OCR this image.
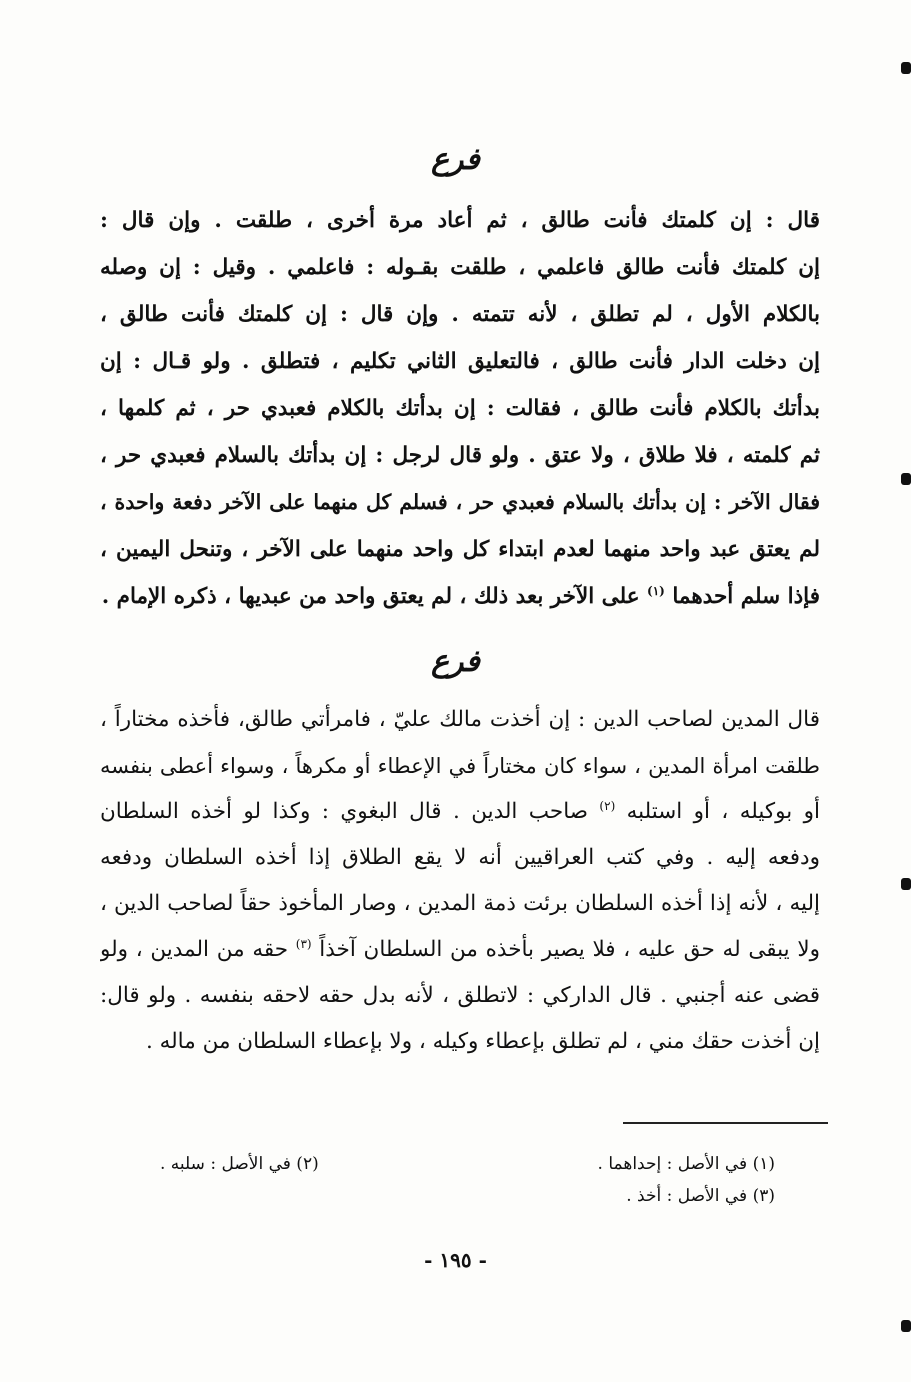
فرع
قال : إن كلمتك فأنت طالق ، ثم أعاد مرة أخرى ، طلقت . وإن قال :
إن كلمتك فأنت طالق فاعلمي ، طلقت بقـوله : فاعلمي . وقيل : إن وصله
بالكلام الأول ، لم تطلق ، لأنه تتمته . وإن قال : إن كلمتك فأنت طالق ،
إن دخلت الدار فأنت طالق ، فالتعليق الثاني تكليم ، فتطلق . ولو قـال : إن
بدأتك بالكلام فأنت طالق ، فقالت : إن بدأتك بالكلام فعبدي حر ، ثم كلمها ،
ثم كلمته ، فلا طلاق ، ولا عتق . ولو قال لرجل : إن بدأتك بالسلام فعبدي حر ،
فقال الآخر : إن بدأتك بالسلام فعبدي حر ، فسلم كل منهما على الآخر دفعة واحدة ،
لم يعتق عبد واحد منهما لعدم ابتداء كل واحد منهما على الآخر ، وتنحل اليمين ،
فإذا سلم أحدهما $^{(١)}$ على الآخر بعد ذلك ، لم يعتق واحد من عبديها ، ذكره الإمام .
فرع
قال المدين لصاحب الدين : إن أخذت مالك عليّ ، فامرأتي طالق، فأخذه مختاراً ،
طلقت امرأة المدين ، سواء كان مختاراً في الإعطاء أو مكرهاً ، وسواء أعطى بنفسه
أو بوكيله ، أو استلبه $^{(٢)}$ صاحب الدين . قال البغوي : وكذا لو أخذه السلطان
ودفعه إليه . وفي كتب العراقيين أنه لا يقع الطلاق إذا أخذه السلطان ودفعه
إليه ، لأنه إذا أخذه السلطان برئت ذمة المدين ، وصار المأخوذ حقاً لصاحب الدين ،
ولا يبقى له حق عليه ، فلا يصير بأخذه من السلطان آخذاً $^{(٣)}$ حقه من المدين ، ولو
قضى عنه أجنبي . قال الداركي : لاتطلق ، لأنه بدل حقه لاحقه بنفسه . ولو قال:
إن أخذت حقك مني ، لم تطلق بإعطاء وكيله ، ولا بإعطاء السلطان من ماله .
(١) في الأصل : إحداهما .
(٢) في الأصل : سلبه .
(٣) في الأصل : أخذ .
- ١٩٥ -
